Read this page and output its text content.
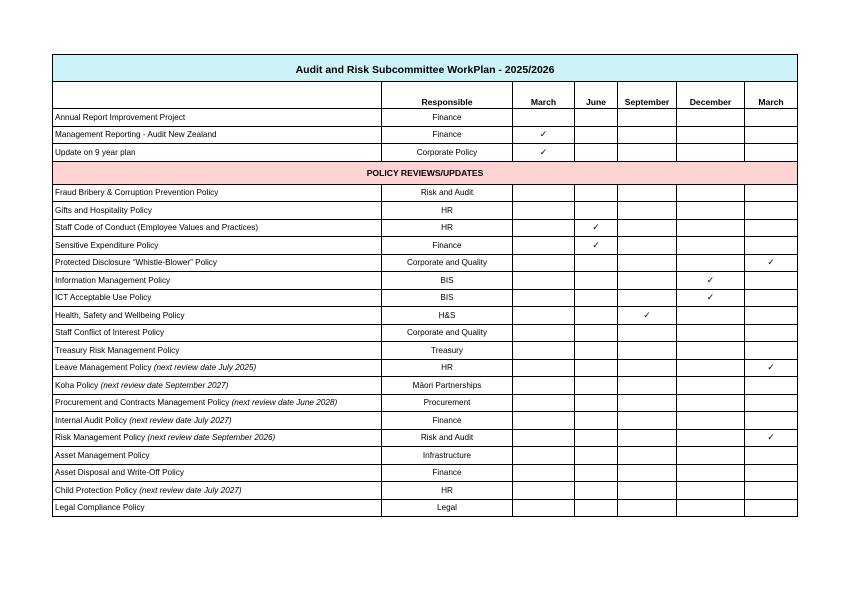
Audit and Risk Subcommittee WorkPlan - 2025/2026						
	Responsible	March	June	September	December	March
Annual Report Improvement Project	Finance					
Management Reporting - Audit New Zealand	Finance	✓				
Update on 9 year plan	Corporate Policy	✓				
POLICY REVIEWS/UPDATES						
Fraud Bribery & Corruption Prevention Policy	Risk and Audit					
Gifts and Hospitality Policy	HR					
Staff Code of Conduct (Employee Values and Practices)	HR		✓			
Sensitive Expenditure Policy	Finance		✓			
Protected Disclosure “Whistle-Blower” Policy	Corporate and Quality					✓
Information Management Policy	BIS				✓	
ICT Acceptable Use Policy	BIS				✓	
Health, Safety and Wellbeing Policy	H&S			✓		
Staff Conflict of Interest Policy	Corporate and Quality					
Treasury Risk Management Policy	Treasury					
Leave Management Policy (next review date July 2025)	HR					✓
Koha Policy (next review date September 2027)	Māori Partnerships					
Procurement and Contracts Management Policy (next review date June 2028)	Procurement					
Internal Audit Policy (next review date July 2027)	Finance					
Risk Management Policy (next review date September 2026)	Risk and Audit					✓
Asset Management Policy	Infrastructure					
Asset Disposal and Write-Off Policy	Finance					
Child Protection Policy (next review date July 2027)	HR					
Legal Compliance Policy	Legal					
